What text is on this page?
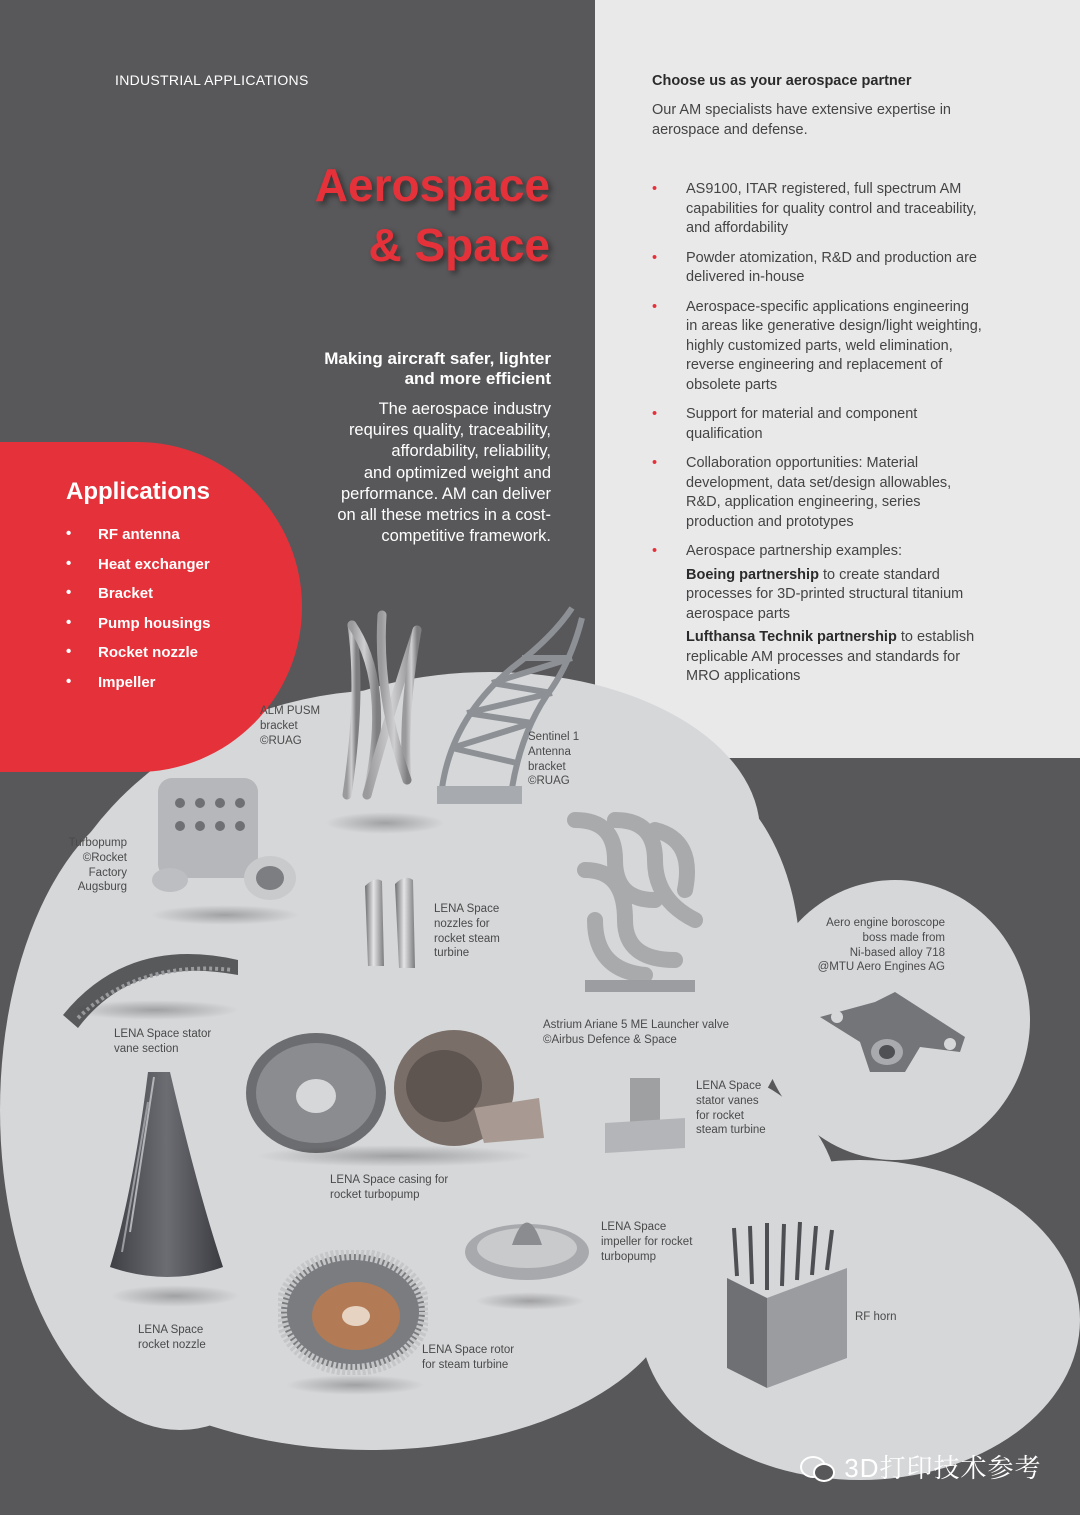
INDUSTRIAL APPLICATIONS
Aerospace
& Space
Making aircraft safer, lighter
and more efficient
The aerospace industry
requires quality, traceability,
affordability, reliability,
and optimized weight and
performance. AM can deliver
on all these metrics in a cost-
competitive framework.
Applications
• RF antenna
• Heat exchanger
• Bracket
• Pump housings
• Rocket nozzle
• Impeller
Choose us as your aerospace partner
Our AM specialists have extensive expertise in aerospace and defense.
• AS9100, ITAR registered, full spectrum AM capabilities for quality control and traceability, and affordability
• Powder atomization, R&D and production are delivered in-house
• Aerospace-specific applications engineering in areas like generative design/light weighting, highly customized parts, weld elimination, reverse engineering and replacement of obsolete parts
• Support for material and component qualification
• Collaboration opportunities: Material development, data set/design allowables, R&D, application engineering, series production and prototypes
• Aerospace partnership examples:
Boeing partnership to create standard processes for 3D-printed structural titanium aerospace parts
Lufthansa Technik partnership to establish replicable AM processes and standards for MRO applications
ALM PUSM
bracket
©RUAG	Sentinel 1
Antenna
bracket
©RUAG
Turbopump
©Rocket
Factory
Augsburg
LENA Space
nozzles for
rocket steam
turbine
Astrium Ariane 5 ME Launcher valve
©Airbus Defence & Space
Aero engine boroscope
boss made from
Ni-based alloy 718
@MTU Aero Engines AG
LENA Space stator
vane section
LENA Space casing for
rocket turbopump
LENA Space
stator vanes
for rocket
steam turbine
LENA Space
impeller for rocket
turbopump
RF horn
LENA Space
rocket nozzle	LENA Space rotor
for steam turbine
3D打印技术参考
